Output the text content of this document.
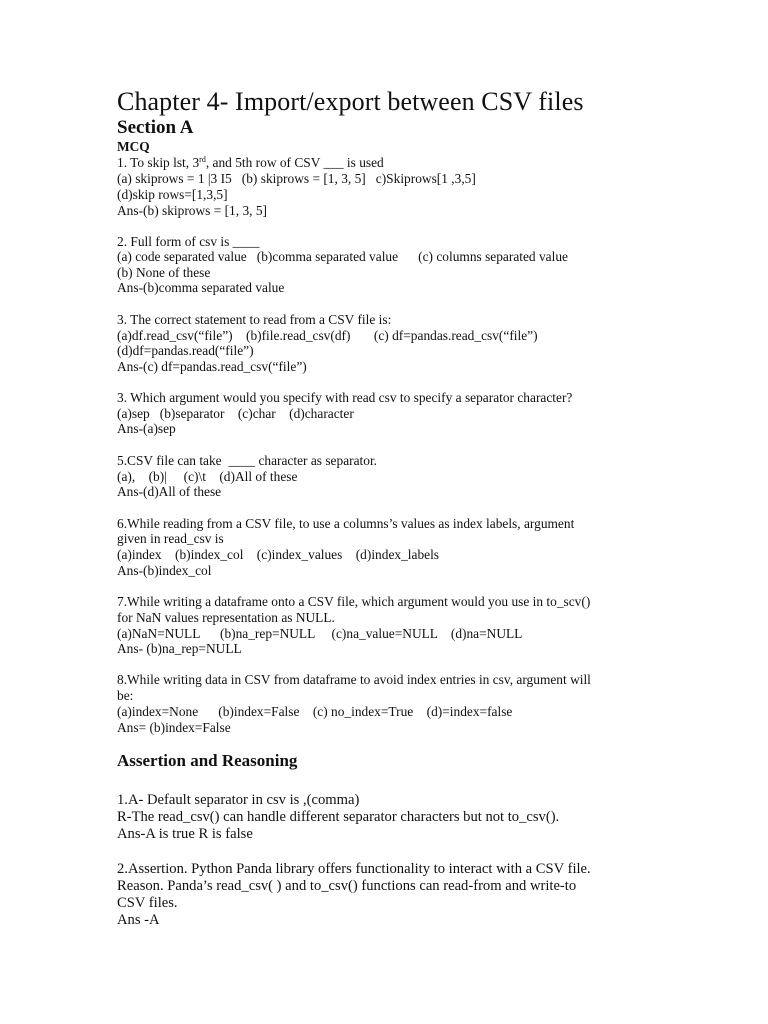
Chapter 4- Import/export between CSV files
Section A
MCQ
1. To skip lst, 3rd, and 5th row of CSV ___ is used
(a) skiprows = 1 |3 I5   (b) skiprows = [1, 3, 5]   c)Skiprows[1 ,3,5]
(d)skip rows=[1,3,5]
Ans-(b) skiprows = [1, 3, 5]
2. Full form of csv is ____
(a) code separated value   (b)comma separated value      (c) columns separated value
(b) None of these
Ans-(b)comma separated value
3. The correct statement to read from a CSV file is:
(a)df.read_csv(“file”)    (b)file.read_csv(df)       (c) df=pandas.read_csv(“file”)
(d)df=pandas.read(“file”)
Ans-(c) df=pandas.read_csv(“file”)
3. Which argument would you specify with read csv to specify a separator character?
(a)sep   (b)separator    (c)char    (d)character
Ans-(a)sep
5.CSV file can take  ____ character as separator.
(a),    (b)|     (c)\t    (d)All of these
Ans-(d)All of these
6.While reading from a CSV file, to use a columns’s values as index labels, argument
given in read_csv is
(a)index    (b)index_col    (c)index_values    (d)index_labels
Ans-(b)index_col
7.While writing a dataframe onto a CSV file, which argument would you use in to_scv()
for NaN values representation as NULL.
(a)NaN=NULL      (b)na_rep=NULL     (c)na_value=NULL    (d)na=NULL
Ans- (b)na_rep=NULL
8.While writing data in CSV from dataframe to avoid index entries in csv, argument will
be:
(a)index=None      (b)index=False    (c) no_index=True    (d)=index=false
Ans= (b)index=False
Assertion and Reasoning
1.A- Default separator in csv is ,(comma)
R-The read_csv() can handle different separator characters but not to_csv().
Ans-A is true R is false
2.Assertion. Python Panda library offers functionality to interact with a CSV file.
Reason. Panda’s read_csv( ) and to_csv() functions can read-from and write-to
CSV files.
Ans -A
